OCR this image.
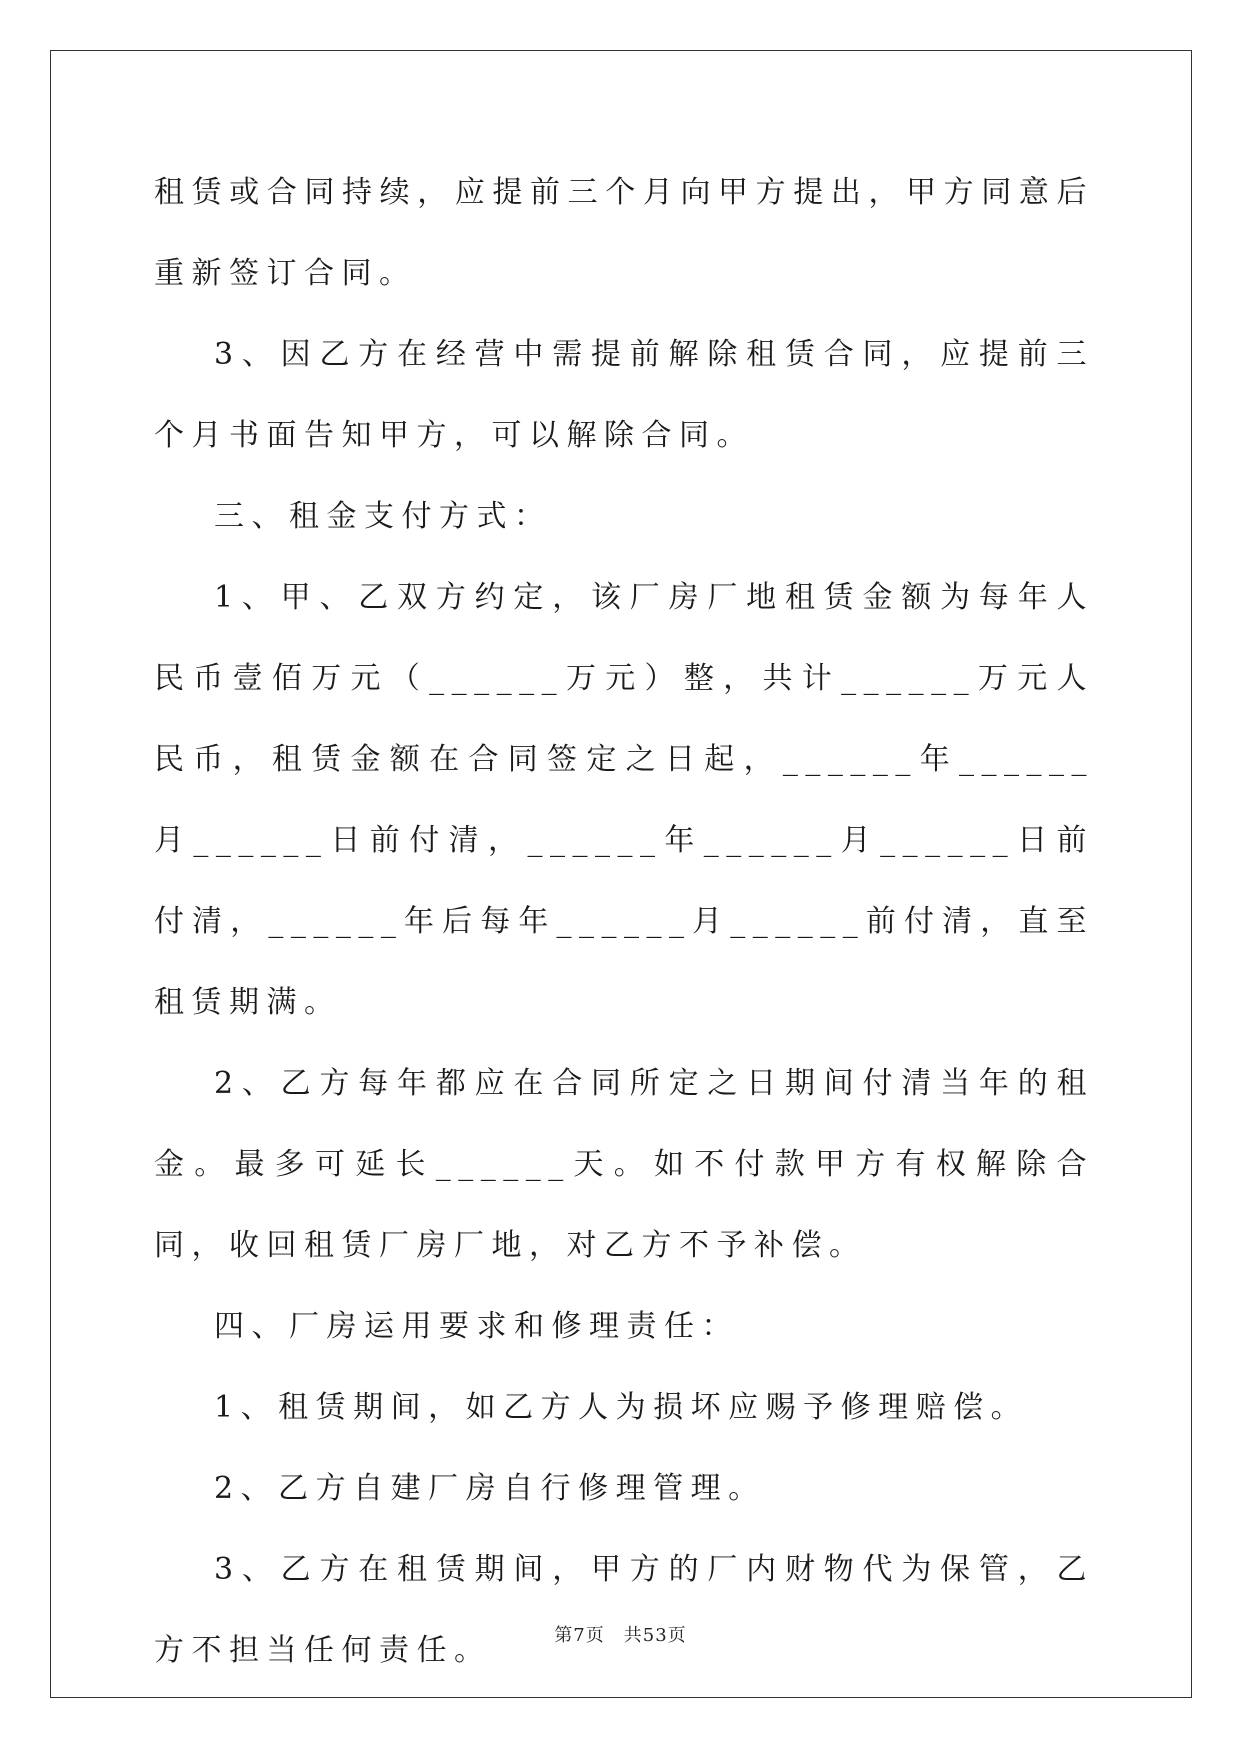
租赁或合同持续，应提前三个月向甲方提出，甲方同意后重新签订合同。

3、因乙方在经营中需提前解除租赁合同，应提前三个月书面告知甲方，可以解除合同。

三、租金支付方式：

1、甲、乙双方约定，该厂房厂地租赁金额为每年人民币壹佰万元（______万元）整，共计______万元人民币，租赁金额在合同签定之日起，______年______月______日前付清，______年______月______日前付清，______年后每年______月______前付清，直至租赁期满。

2、乙方每年都应在合同所定之日期间付清当年的租金。最多可延长______天。如不付款甲方有权解除合同，收回租赁厂房厂地，对乙方不予补偿。

四、厂房运用要求和修理责任：

1、租赁期间，如乙方人为损坏应赐予修理赔偿。

2、乙方自建厂房自行修理管理。

3、乙方在租赁期间，甲方的厂内财物代为保管，乙方不担当任何责任。	第7页　共53页
